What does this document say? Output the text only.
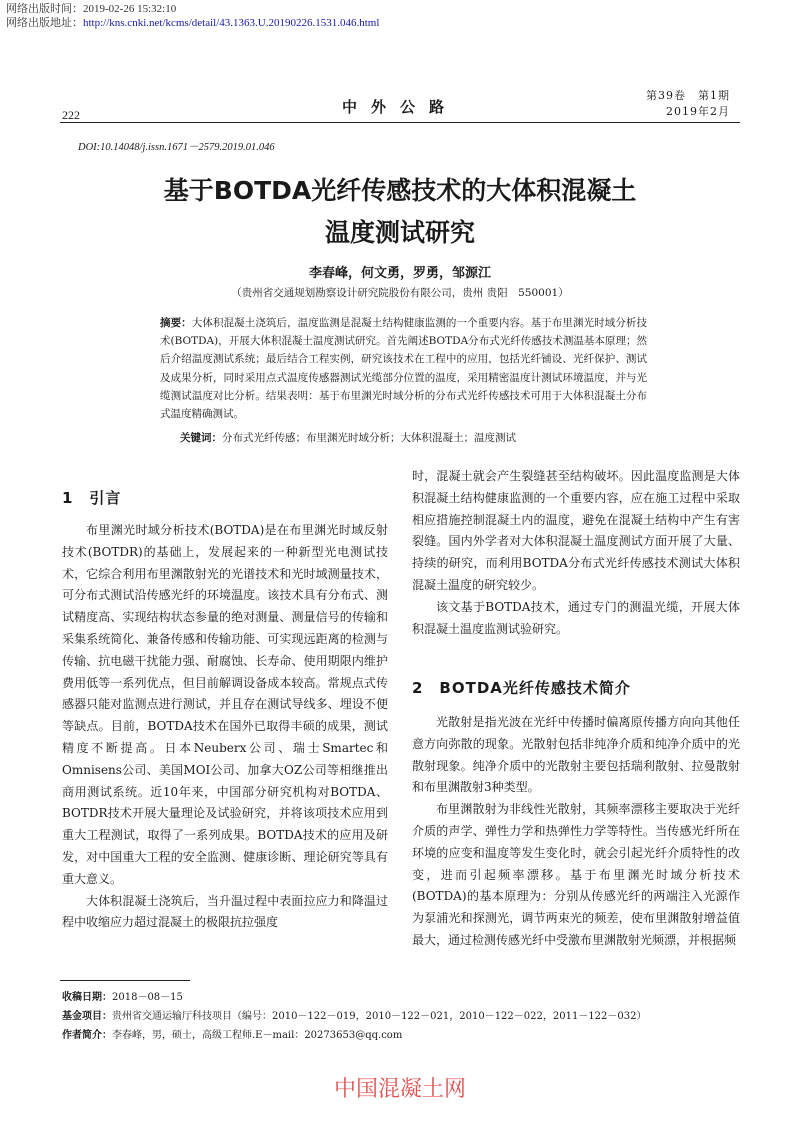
网络出版时间：2019-02-26 15:32:10
网络出版地址：http://kns.cnki.net/kcms/detail/43.1363.U.20190226.1531.046.html
222	中外公路
第39卷　第1期
2019年2月
DOI:10.14048/j.issn.1671－2579.2019.01.046
基于BOTDA光纤传感技术的大体积混凝土
温度测试研究
李春峰，何文勇，罗勇，邹源江
（贵州省交通规划勘察设计研究院股份有限公司，贵州 贵阳　550001）
摘要：大体积混凝土浇筑后，温度监测是混凝土结构健康监测的一个重要内容。基于布里渊光时域分析技术(BOTDA)，开展大体积混凝土温度测试研究。首先阐述BOTDA分布式光纤传感技术测温基本原理；然后介绍温度测试系统；最后结合工程实例，研究该技术在工程中的应用，包括光纤铺设、光纤保护、测试及成果分析，同时采用点式温度传感器测试光缆部分位置的温度，采用精密温度计测试环境温度，并与光缆测试温度对比分析。结果表明：基于布里渊光时域分析的分布式光纤传感技术可用于大体积混凝土分布式温度精确测试。
关键词：分布式光纤传感；布里渊光时域分析；大体积混凝土；温度测试
1　引言

布里渊光时域分析技术(BOTDA)是在布里渊光时域反射技术(BOTDR)的基础上，发展起来的一种新型光电测试技术，它综合利用布里渊散射光的光谱技术和光时域测量技术，可分布式测试沿传感光纤的环境温度。该技术具有分布式、测试精度高、实现结构状态参量的绝对测量、测量信号的传输和采集系统简化、兼备传感和传输功能、可实现远距离的检测与传输、抗电磁干扰能力强、耐腐蚀、长寿命、使用期限内维护费用低等一系列优点，但目前解调设备成本较高。常规点式传感器只能对监测点进行测试，并且存在测试导线多、埋设不便等缺点。目前，BOTDA技术在国外已取得丰硕的成果，测试精度不断提高。日本Neuberx公司、瑞士Smartec和Omnisens公司、美国MOI公司、加拿大OZ公司等相继推出商用测试系统。近10年来，中国部分研究机构对BOTDA、BOTDR技术开展大量理论及试验研究，并将该项技术应用到重大工程测试，取得了一系列成果。BOTDA技术的应用及研发，对中国重大工程的安全监测、健康诊断、理论研究等具有重大意义。

大体积混凝土浇筑后，当升温过程中表面拉应力和降温过程中收缩应力超过混凝土的极限抗拉强度

时，混凝土就会产生裂缝甚至结构破坏。因此温度监测是大体积混凝土结构健康监测的一个重要内容，应在施工过程中采取相应措施控制混凝土内的温度，避免在混凝土结构中产生有害裂缝。国内外学者对大体积混凝土温度测试方面开展了大量、持续的研究，而利用BOTDA分布式光纤传感技术测试大体积混凝土温度的研究较少。

该文基于BOTDA技术，通过专门的测温光缆，开展大体积混凝土温度监测试验研究。

2　BOTDA光纤传感技术简介

光散射是指光波在光纤中传播时偏离原传播方向向其他任意方向弥散的现象。光散射包括非纯净介质和纯净介质中的光散射现象。纯净介质中的光散射主要包括瑞利散射、拉曼散射和布里渊散射3种类型。

布里渊散射为非线性光散射，其频率漂移主要取决于光纤介质的声学、弹性力学和热弹性力学等特性。当传感光纤所在环境的应变和温度等发生变化时，就会引起光纤介质特性的改变，进而引起频率漂移。基于布里渊光时域分析技术(BOTDA)的基本原理为：分别从传感光纤的两端注入光源作为泵浦光和探测光，调节两束光的频差，使布里渊散射增益值最大，通过检测传感光纤中受激布里渊散射光频漂，并根据频

收稿日期：2018－08－15
基金项目：贵州省交通运输厅科技项目（编号：2010－122－019，2010－122－021，2010－122－022，2011－122－032）
作者简介：李春峰，男，硕士，高级工程师.E－mail：20273653@qq.com
中国混凝土网
